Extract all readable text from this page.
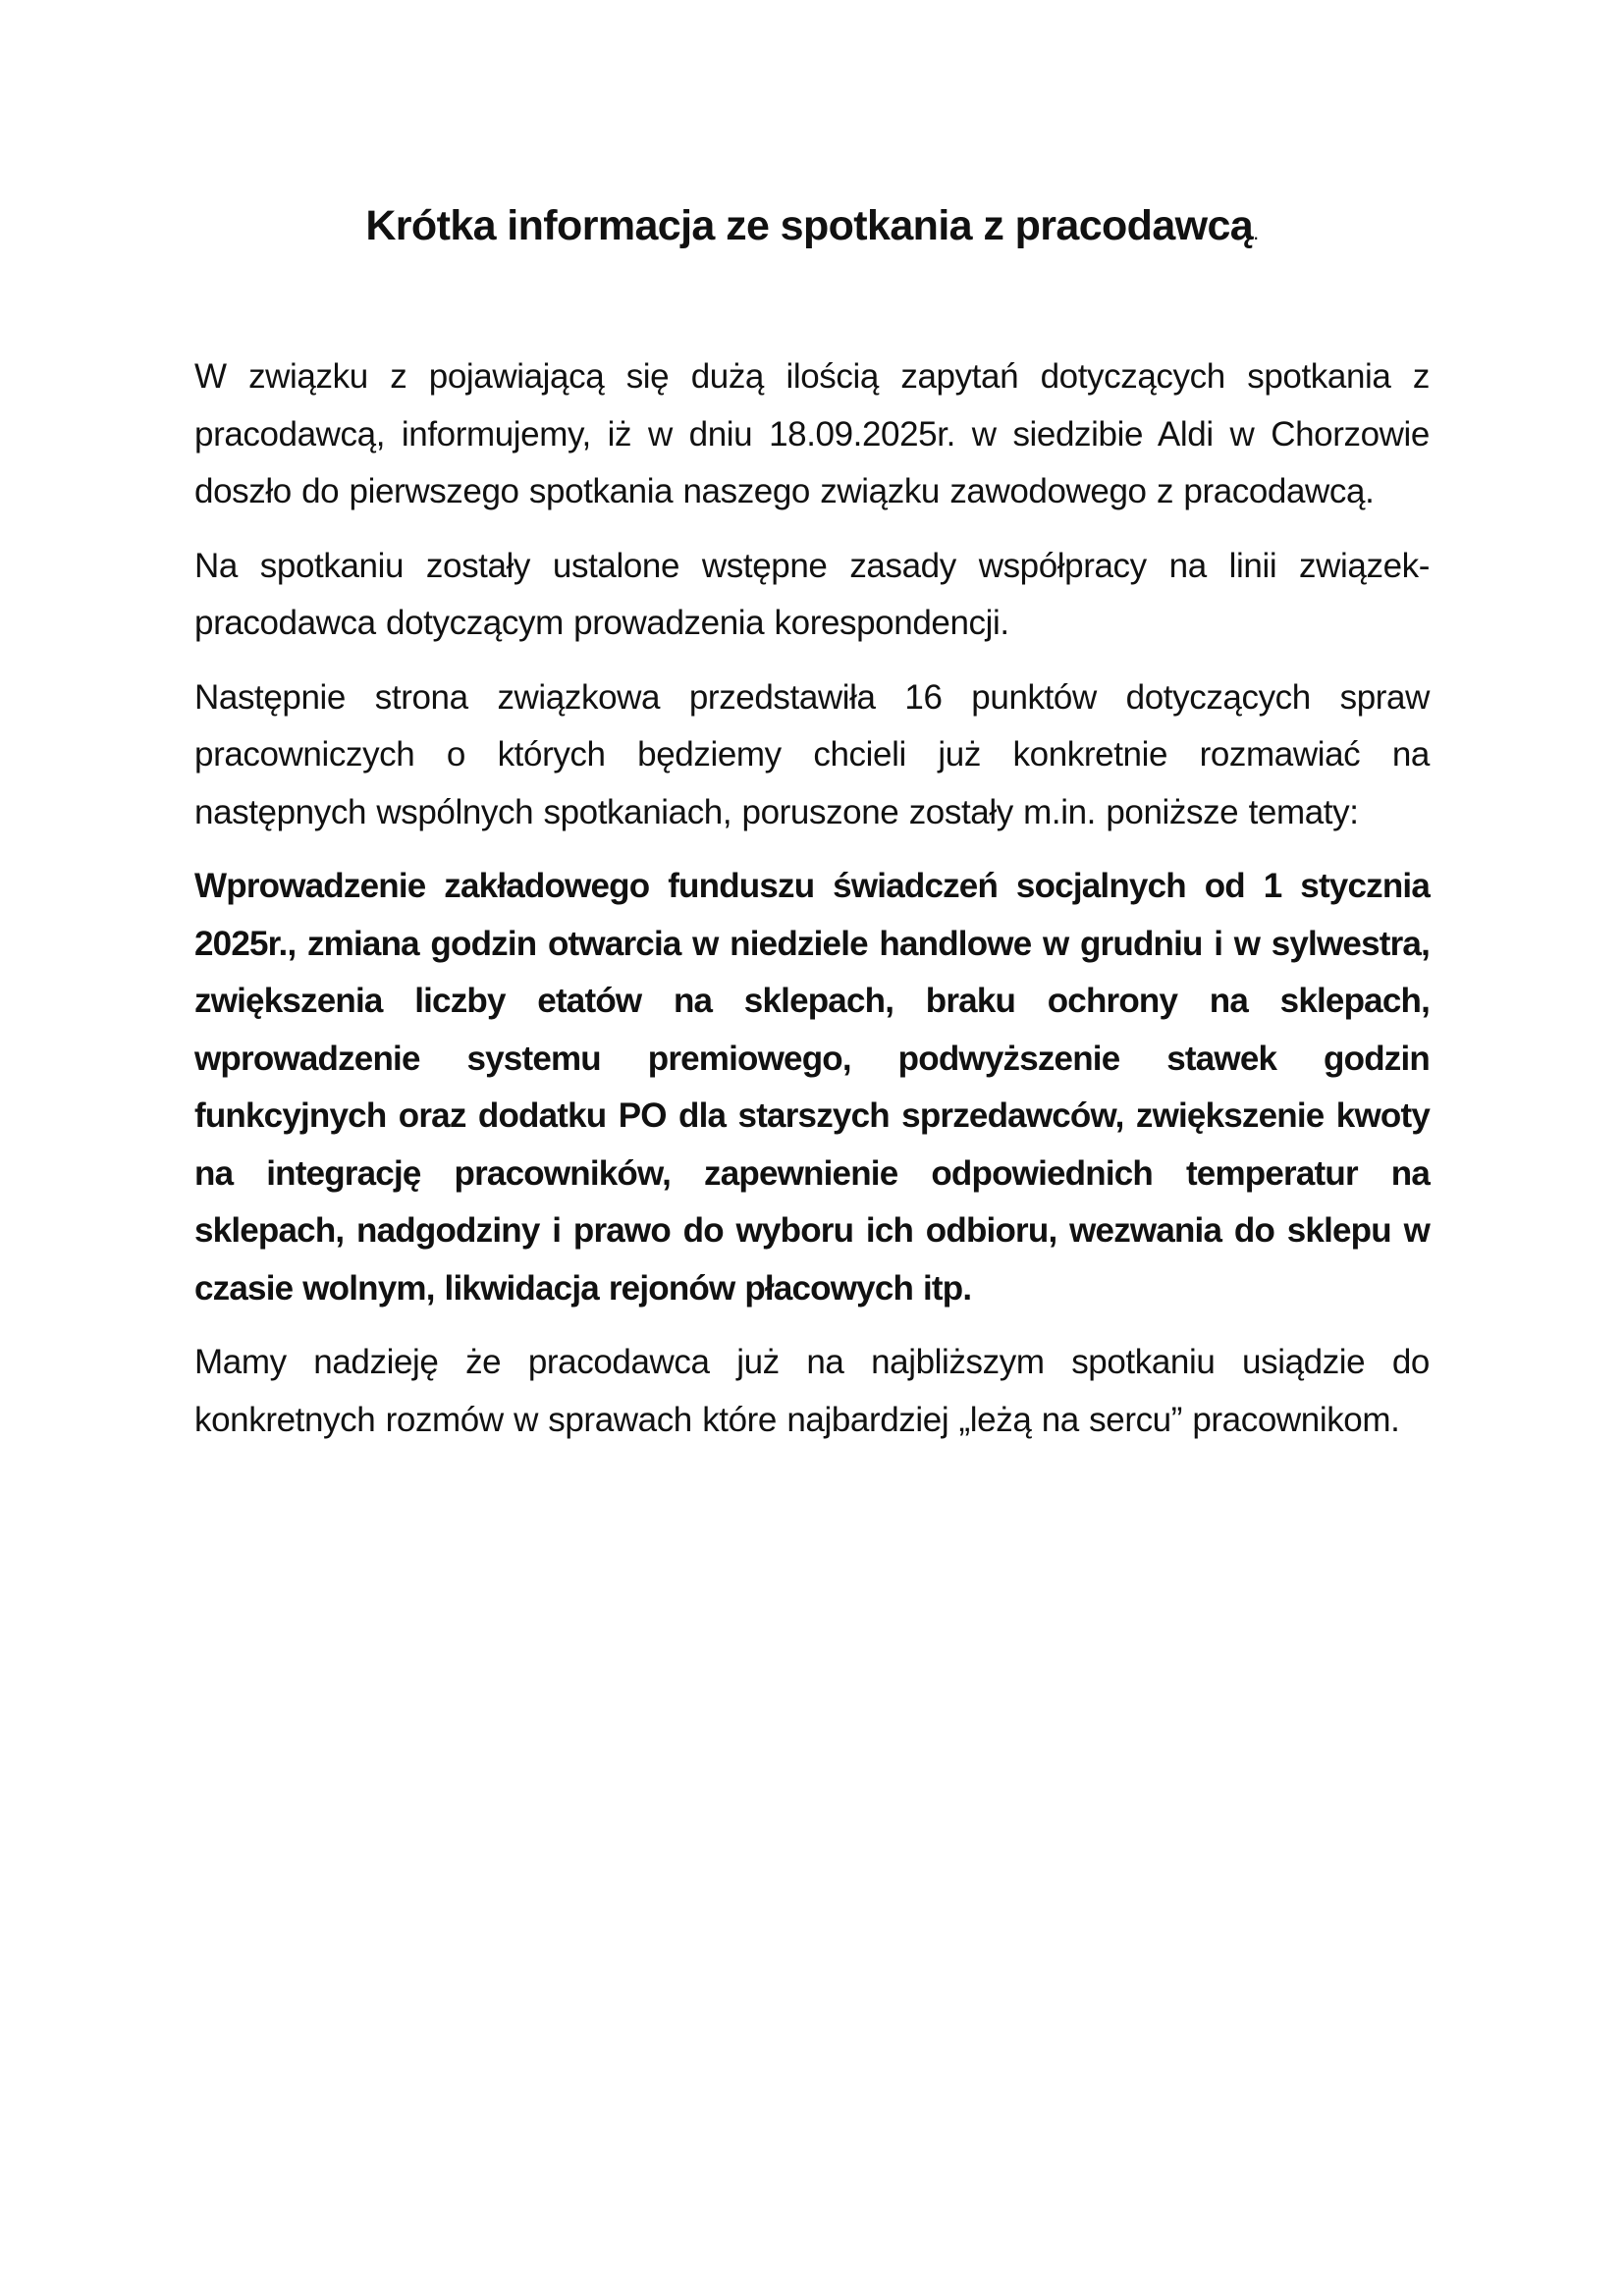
Krótka informacja ze spotkania z pracodawcą.

W związku z pojawiającą się dużą ilością zapytań dotyczących spotkania z pracodawcą, informujemy, iż w dniu 18.09.2025r. w siedzibie Aldi w Chorzowie doszło do pierwszego spotkania naszego związku zawodowego z pracodawcą.

Na spotkaniu zostały ustalone wstępne zasady współpracy na linii związek-pracodawca dotyczącym prowadzenia korespondencji.

Następnie strona związkowa przedstawiła 16 punktów dotyczących spraw pracowniczych o których będziemy chcieli już konkretnie rozmawiać na następnych wspólnych spotkaniach, poruszone zostały m.in. poniższe tematy:

Wprowadzenie zakładowego funduszu świadczeń socjalnych od 1 stycznia 2025r., zmiana godzin otwarcia w niedziele handlowe w grudniu i w sylwestra, zwiększenia liczby etatów na sklepach, braku ochrony na sklepach, wprowadzenie systemu premiowego, podwyższenie stawek godzin funkcyjnych oraz dodatku PO dla starszych sprzedawców, zwiększenie kwoty na integrację pracowników, zapewnienie odpowiednich temperatur na sklepach, nadgodziny i prawo do wyboru ich odbioru, wezwania do sklepu w czasie wolnym, likwidacja rejonów płacowych itp.

Mamy nadzieję że pracodawca już na najbliższym spotkaniu usiądzie do konkretnych rozmów w sprawach które najbardziej „leżą na sercu” pracownikom.
